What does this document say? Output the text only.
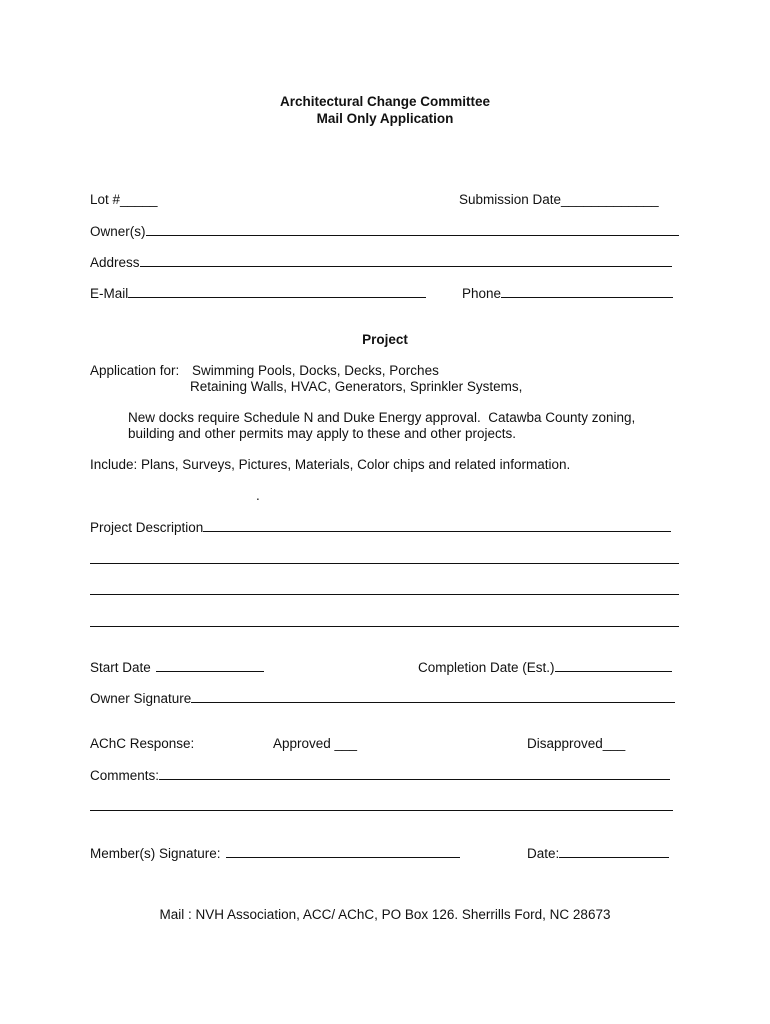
Architectural Change Committee
Mail Only Application
Lot #_____	Submission Date_____________
Owner(s)
Address
E-Mail	Phone
Project
Application for: Swimming Pools, Docks, Decks, Porches
Retaining Walls, HVAC, Generators, Sprinkler Systems,
New docks require Schedule N and Duke Energy approval.  Catawba County zoning,
building and other permits may apply to these and other projects.
Include: Plans, Surveys, Pictures, Materials, Color chips and related information.
.
Project Description
Start Date	Completion Date (Est.)
Owner Signature
AChC Response:	Approved ___	Disapproved___
Comments:
Member(s) Signature:	Date:
Mail : NVH Association, ACC/ AChC, PO Box 126. Sherrills Ford, NC 28673
